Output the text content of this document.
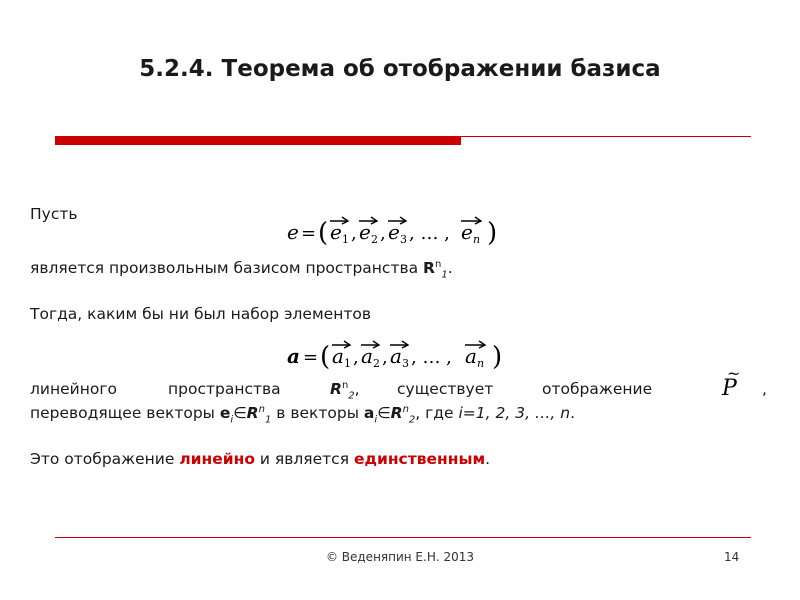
5.2.4. Теорема об отображении базиса
Пусть
e = ( e 1 , e 2 , e 3 , … , e n )
является произвольным базисом пространства $R^n_1$.
Тогда, каким бы ни был набор элементов
a = ( a 1 , a 2 , a 3 , … , a n )
линейного	пространства	$R^n_2$, существует	отображение
~
P ,
переводящее векторы $e_i\in R^n_1$ в векторы $a_i\in R^n_2$, где i=1, 2, 3, …, n.
Это отображение линейно и является единственным.
© Веденяпин Е.Н. 2013	14
